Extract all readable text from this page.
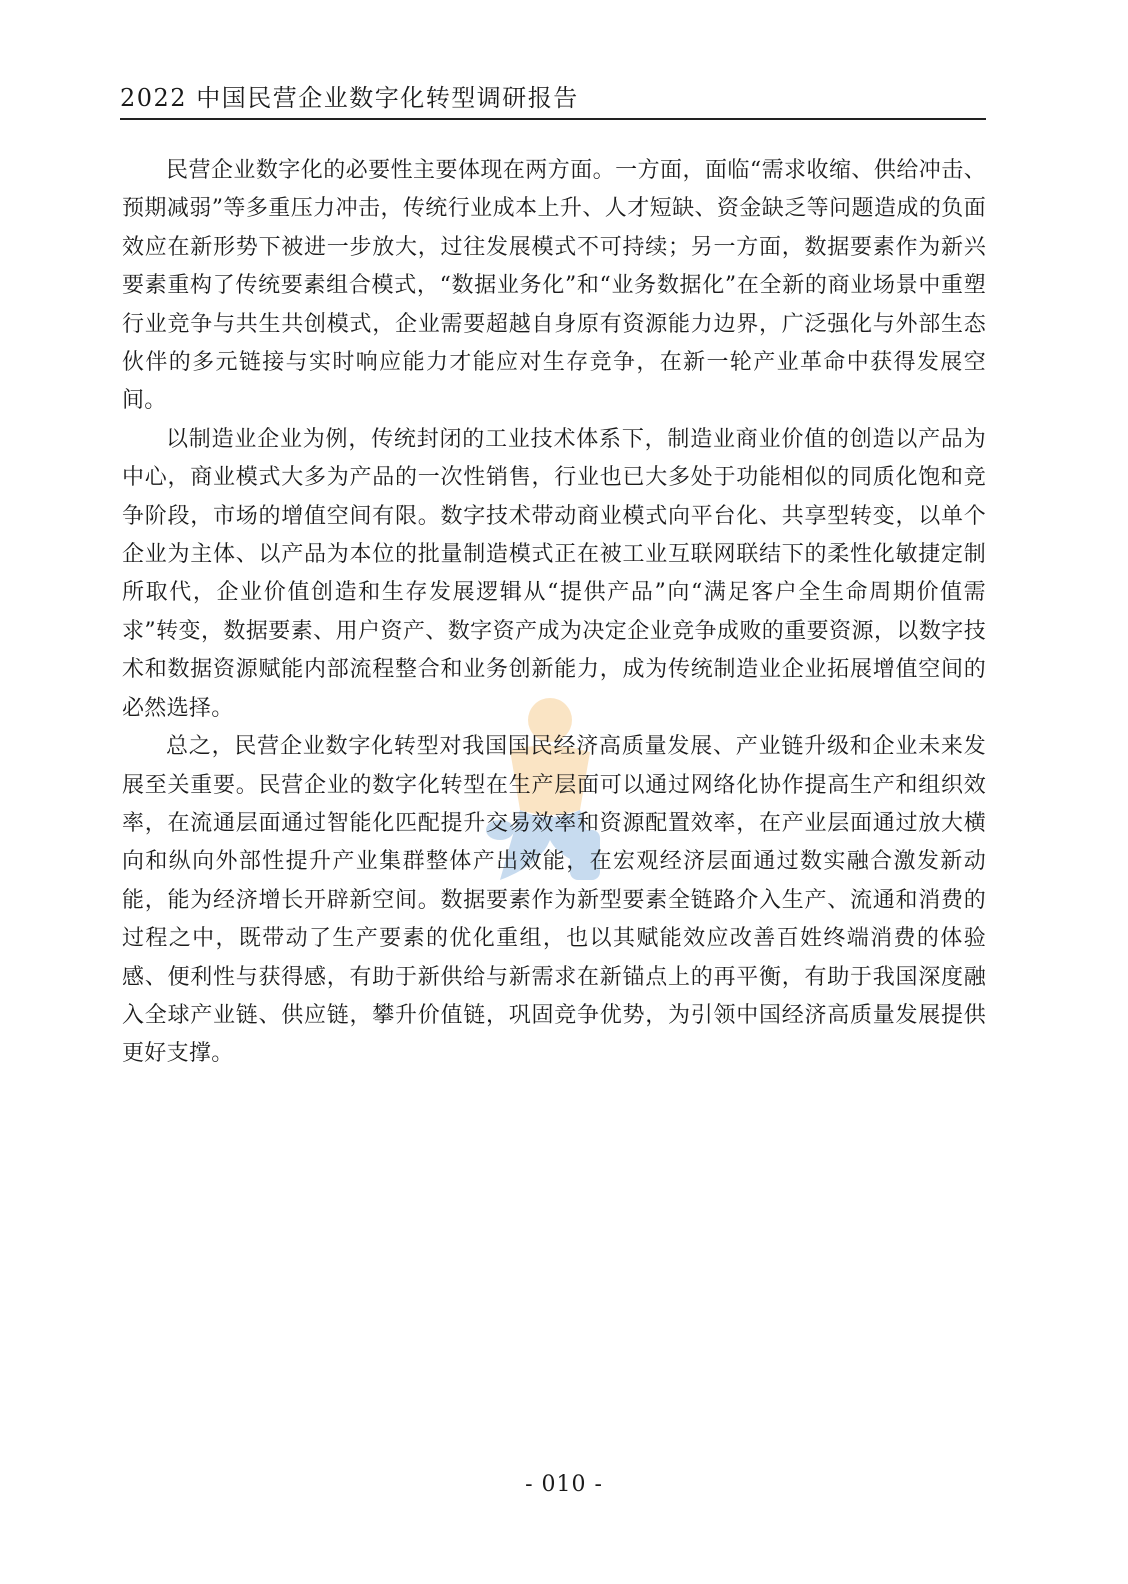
2022 中国民营企业数字化转型调研报告

民营企业数字化的必要性主要体现在两方面。一方面，面临“需求收缩、供给冲击、预期减弱”等多重压力冲击，传统行业成本上升、人才短缺、资金缺乏等问题造成的负面效应在新形势下被进一步放大，过往发展模式不可持续；另一方面，数据要素作为新兴要素重构了传统要素组合模式，“数据业务化”和“业务数据化”在全新的商业场景中重塑行业竞争与共生共创模式，企业需要超越自身原有资源能力边界，广泛强化与外部生态伙伴的多元链接与实时响应能力才能应对生存竞争，在新一轮产业革命中获得发展空间。

以制造业企业为例，传统封闭的工业技术体系下，制造业商业价值的创造以产品为中心，商业模式大多为产品的一次性销售，行业也已大多处于功能相似的同质化饱和竞争阶段，市场的增值空间有限。数字技术带动商业模式向平台化、共享型转变，以单个企业为主体、以产品为本位的批量制造模式正在被工业互联网联结下的柔性化敏捷定制所取代，企业价值创造和生存发展逻辑从“提供产品”向“满足客户全生命周期价值需求”转变，数据要素、用户资产、数字资产成为决定企业竞争成败的重要资源，以数字技术和数据资源赋能内部流程整合和业务创新能力，成为传统制造业企业拓展增值空间的必然选择。

总之，民营企业数字化转型对我国国民经济高质量发展、产业链升级和企业未来发展至关重要。民营企业的数字化转型在生产层面可以通过网络化协作提高生产和组织效率，在流通层面通过智能化匹配提升交易效率和资源配置效率，在产业层面通过放大横向和纵向外部性提升产业集群整体产出效能，在宏观经济层面通过数实融合激发新动能，能为经济增长开辟新空间。数据要素作为新型要素全链路介入生产、流通和消费的过程之中，既带动了生产要素的优化重组，也以其赋能效应改善百姓终端消费的体验感、便利性与获得感，有助于新供给与新需求在新锚点上的再平衡，有助于我国深度融入全球产业链、供应链，攀升价值链，巩固竞争优势，为引领中国经济高质量发展提供更好支撑。

- 010 -
